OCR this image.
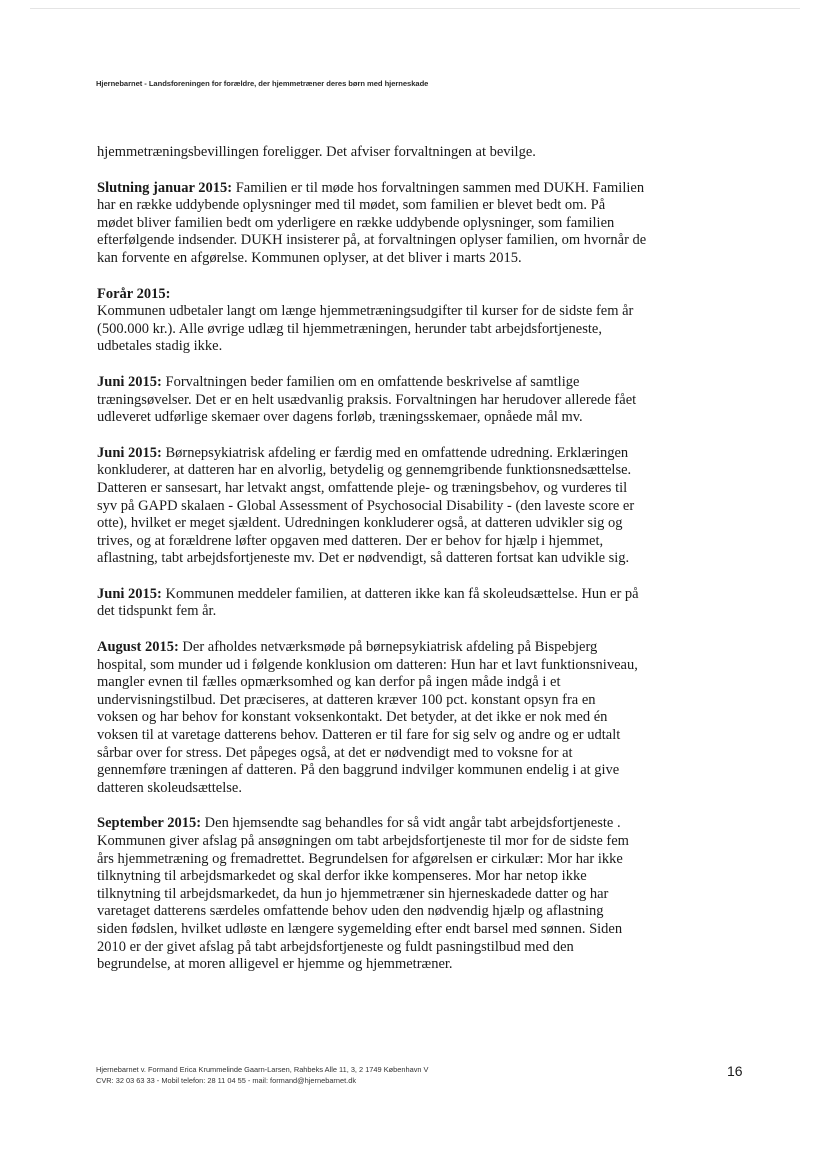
Hjernebarnet - Landsforeningen for forældre, der hjemmetræner deres børn med hjerneskade

hjemmetræningsbevillingen foreligger. Det afviser forvaltningen at bevilge.

Slutning januar 2015: Familien er til møde hos forvaltningen sammen med DUKH. Familien
har en række uddybende oplysninger med til mødet, som familien er blevet bedt om. På
mødet bliver familien bedt om yderligere en række uddybende oplysninger, som familien
efterfølgende indsender. DUKH insisterer på, at forvaltningen oplyser familien, om hvornår de
kan forvente en afgørelse. Kommunen oplyser, at det bliver i marts 2015.

Forår 2015:
Kommunen udbetaler langt om længe hjemmetræningsudgifter til kurser for de sidste fem år
(500.000 kr.). Alle øvrige udlæg til hjemmetræningen, herunder tabt arbejdsfortjeneste,
udbetales stadig ikke.

Juni 2015: Forvaltningen beder familien om en omfattende beskrivelse af samtlige
træningsøvelser. Det er en helt usædvanlig praksis. Forvaltningen har herudover allerede fået
udleveret udførlige skemaer over dagens forløb, træningsskemaer, opnåede mål mv.

Juni 2015: Børnepsykiatrisk afdeling er færdig med en omfattende udredning. Erklæringen
konkluderer, at datteren har en alvorlig, betydelig og gennemgribende funktionsnedsættelse.
Datteren er sansesart, har letvakt angst, omfattende pleje- og træningsbehov, og vurderes til
syv på GAPD skalaen - Global Assessment of Psychosocial Disability - (den laveste score er
otte), hvilket er meget sjældent. Udredningen konkluderer også, at datteren udvikler sig og
trives, og at forældrene løfter opgaven med datteren. Der er behov for hjælp i hjemmet,
aflastning, tabt arbejdsfortjeneste mv. Det er nødvendigt, så datteren fortsat kan udvikle sig.

Juni 2015: Kommunen meddeler familien, at datteren ikke kan få skoleudsættelse. Hun er på
det tidspunkt fem år.

August 2015: Der afholdes netværksmøde på børnepsykiatrisk afdeling på Bispebjerg
hospital, som munder ud i følgende konklusion om datteren: Hun har et lavt funktionsniveau,
mangler evnen til fælles opmærksomhed og kan derfor på ingen måde indgå i et
undervisningstilbud. Det præciseres, at datteren kræver 100 pct. konstant opsyn fra en
voksen og har behov for konstant voksenkontakt. Det betyder, at det ikke er nok med én
voksen til at varetage datterens behov. Datteren er til fare for sig selv og andre og er udtalt
sårbar over for stress. Det påpeges også, at det er nødvendigt med to voksne for at
gennemføre træningen af datteren. På den baggrund indvilger kommunen endelig i at give
datteren skoleudsættelse.

September 2015: Den hjemsendte sag behandles for så vidt angår tabt arbejdsfortjeneste .
Kommunen giver afslag på ansøgningen om tabt arbejdsfortjeneste til mor for de sidste fem
års hjemmetræning og fremadrettet. Begrundelsen for afgørelsen er cirkulær: Mor har ikke
tilknytning til arbejdsmarkedet og skal derfor ikke kompenseres. Mor har netop ikke
tilknytning til arbejdsmarkedet, da hun jo hjemmetræner sin hjerneskadede datter og har
varetaget datterens særdeles omfattende behov uden den nødvendig hjælp og aflastning
siden fødslen, hvilket udløste en længere sygemelding efter endt barsel med sønnen. Siden
2010 er der givet afslag på tabt arbejdsfortjeneste og fuldt pasningstilbud med den
begrundelse, at moren alligevel er hjemme og hjemmetræner.

Hjernebarnet v. Formand Erica Krummelinde Gaarn-Larsen, Rahbeks Alle 11, 3, 2 1749 København V
CVR: 32 03 63 33 - Mobil telefon: 28 11 04 55 - mail: formand@hjernebarnet.dk
16
